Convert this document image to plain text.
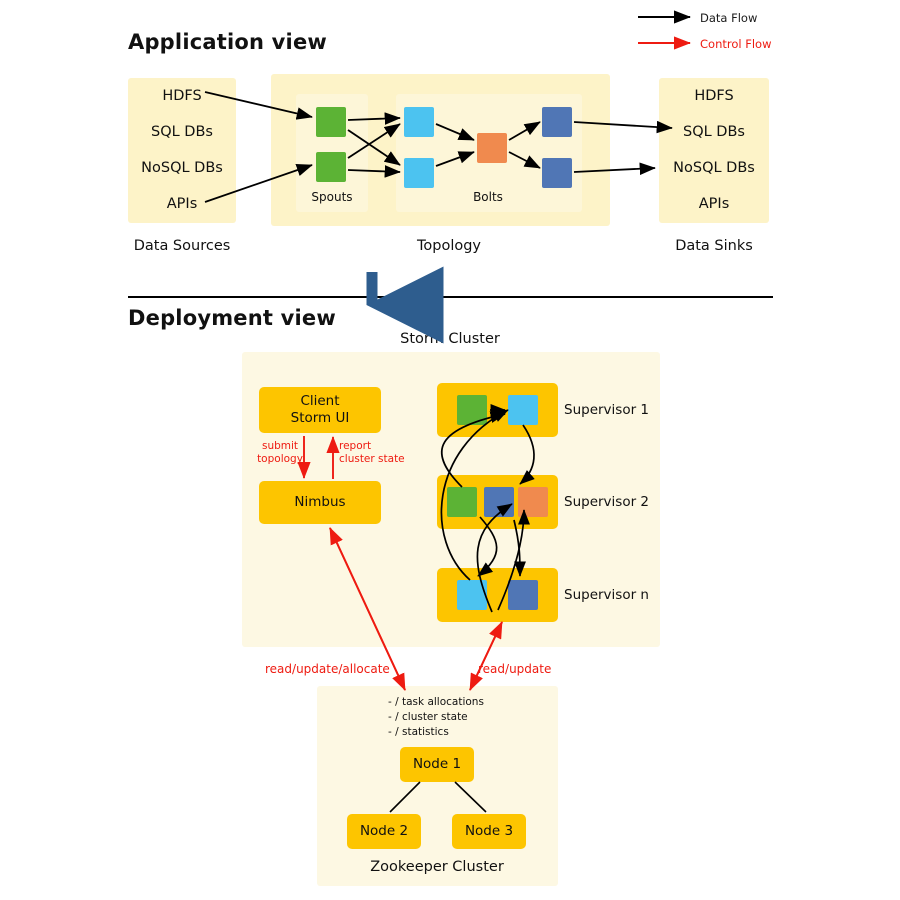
Application view
Data Flow
Control Flow
HDFS
SQL DBs
NoSQL DBs
APIs
Data Sources
Spouts	Bolts
Topology
HDFS
SQL DBs
NoSQL DBs
APIs
Data Sinks
Deployment view
Storm Cluster
Client
Storm UI
Nimbus
submit
topology
report
cluster state
Supervisor 1
Supervisor 2
Supervisor n
read/update/allocate	read/update
- / task allocations
- / cluster state
- / statistics
Node 1
Node 2	Node 3
Zookeeper Cluster
